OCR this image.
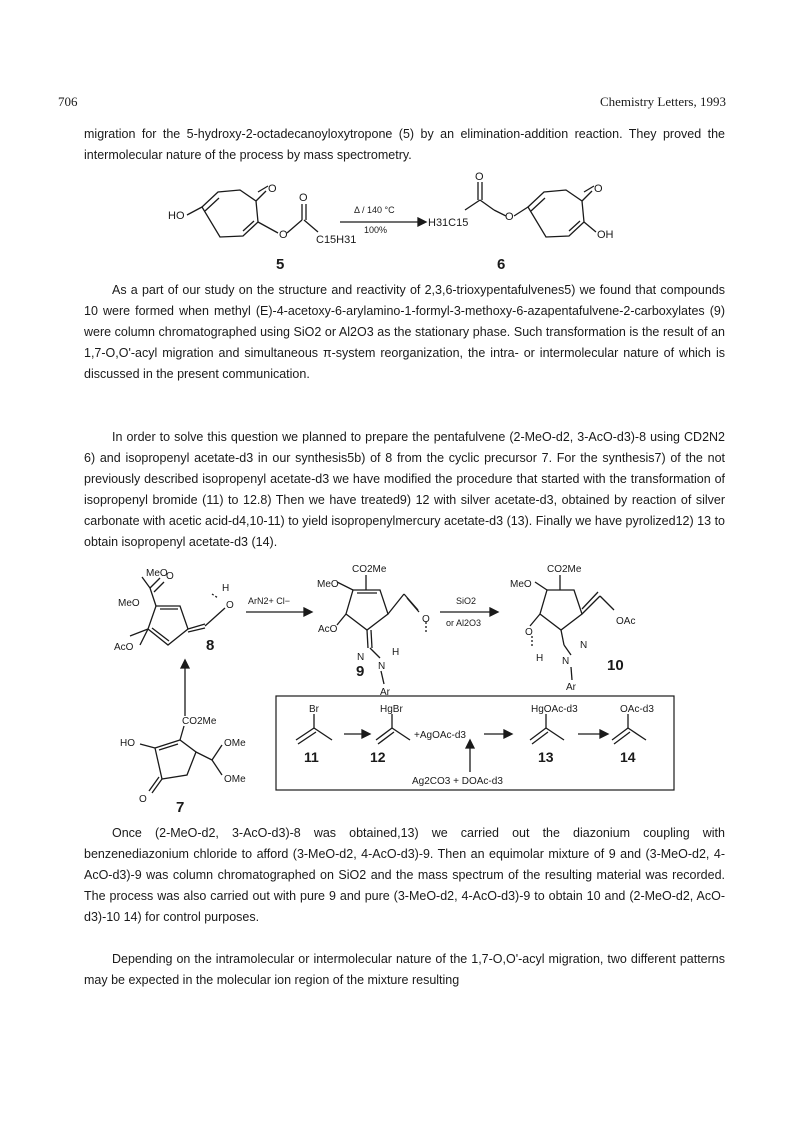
706	Chemistry Letters, 1993

migration for the 5-hydroxy-2-octadecanoyloxytropone (5) by an elimination-addition reaction. They proved the intermolecular nature of the process by mass spectrometry.

HO
O
O
O
C15H31
Δ / 140 °C
100%
H31C15
O
O
O
OH
5	6

As a part of our study on the structure and reactivity of 2,3,6-trioxypentafulvenes5) we found that compounds 10 were formed when methyl (E)-4-acetoxy-6-arylamino-1-formyl-3-methoxy-6-azapentafulvene-2-carboxylates (9) were column chromatographed using SiO2 or Al2O3 as the stationary phase. Such transformation is the result of an 1,7-O,O'-acyl migration and simultaneous π-system reorganization, the intra- or intermolecular nature of which is discussed in the present communication.

In order to solve this question we planned to prepare the pentafulvene (2-MeO-d2, 3-AcO-d3)-8 using CD2N2 6) and isopropenyl acetate-d3 in our synthesis5b) of 8 from the cyclic precursor 7. For the synthesis7) of the not previously described isopropenyl acetate-d3 we have modified the procedure that started with the transformation of isopropenyl bromide (11) to 12.8) Then we have treated9) 12 with silver acetate-d3, obtained by reaction of silver carbonate with acetic acid-d4,10-11) to yield isopropenylmercury acetate-d3 (13). Finally we have pyrolized12) 13 to obtain isopropenyl acetate-d3 (14).

MeO
O
H
O
MeO
AcO	8
ArN2+ Cl−
CO2Me
MeO
AcO
O
N
N
H
Ar
9
SiO2
or Al2O3
CO2Me
MeO
OAc
O
N
H N
Ar
10
CO2Me
HO	OMe
OMe
O 7
Br	HgBr
+AgOAc-d3
HgOAc-d3	OAc-d3
11	12	13	14
Ag2CO3 + DOAc-d3

Once (2-MeO-d2, 3-AcO-d3)-8 was obtained,13) we carried out the diazonium coupling with benzenediazonium chloride to afford (3-MeO-d2, 4-AcO-d3)-9. Then an equimolar mixture of 9 and (3-MeO-d2, 4-AcO-d3)-9 was column chromatographed on SiO2 and the mass spectrum of the resulting material was recorded. The process was also carried out with pure 9 and pure (3-MeO-d2, 4-AcO-d3)-9 to obtain 10 and (2-MeO-d2, AcO-d3)-10 14) for control purposes.

Depending on the intramolecular or intermolecular nature of the 1,7-O,O'-acyl migration, two different patterns may be expected in the molecular ion region of the mixture resulting
